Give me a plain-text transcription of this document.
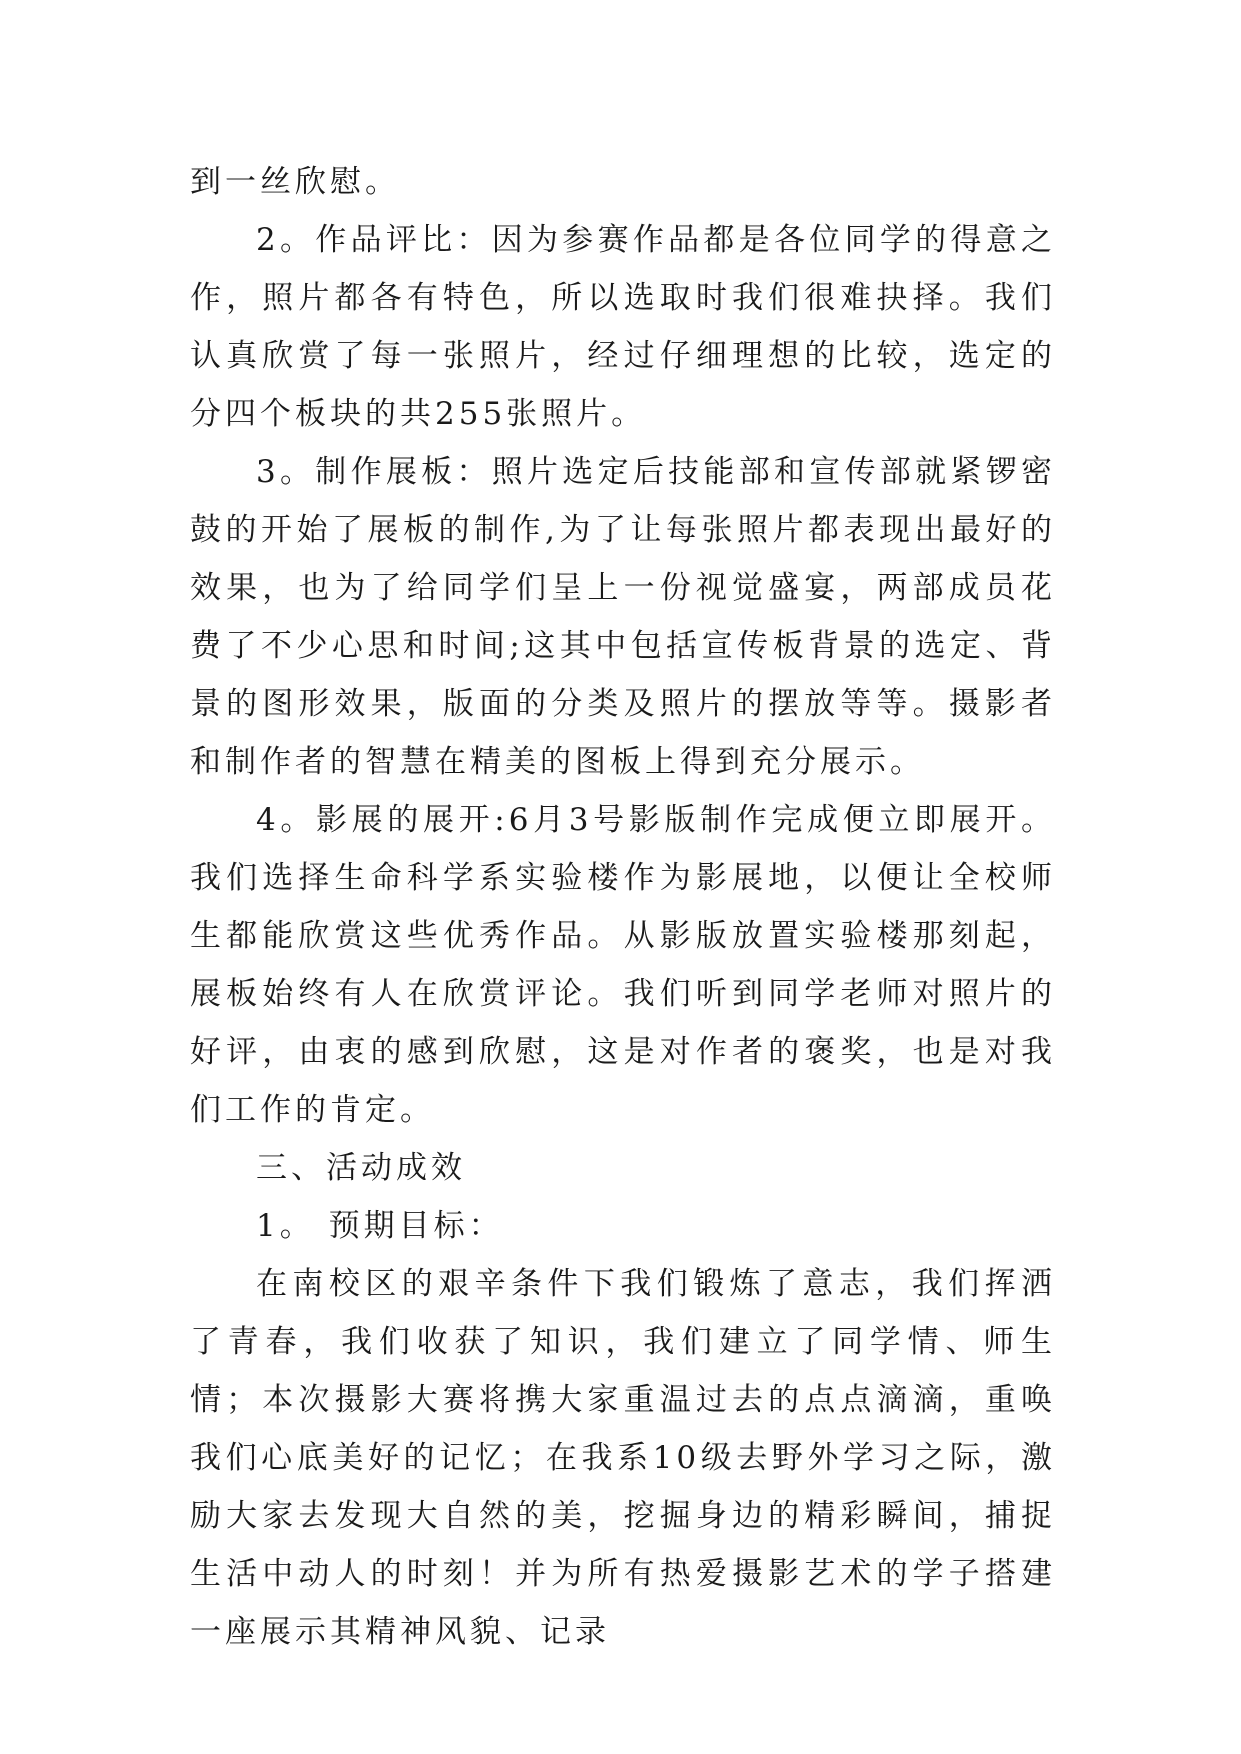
到一丝欣慰。

2。作品评比：因为参赛作品都是各位同学的得意之作，照片都各有特色，所以选取时我们很难抉择。我们认真欣赏了每一张照片，经过仔细理想的比较，选定的分四个板块的共255张照片。

3。制作展板：照片选定后技能部和宣传部就紧锣密鼓的开始了展板的制作,为了让每张照片都表现出最好的效果，也为了给同学们呈上一份视觉盛宴，两部成员花费了不少心思和时间;这其中包括宣传板背景的选定、背景的图形效果，版面的分类及照片的摆放等等。摄影者和制作者的智慧在精美的图板上得到充分展示。

4。影展的展开:6月3号影版制作完成便立即展开。我们选择生命科学系实验楼作为影展地，以便让全校师生都能欣赏这些优秀作品。从影版放置实验楼那刻起，展板始终有人在欣赏评论。我们听到同学老师对照片的好评，由衷的感到欣慰，这是对作者的褒奖，也是对我们工作的肯定。

三、活动成效

1。 预期目标：

在南校区的艰辛条件下我们锻炼了意志，我们挥洒了青春，我们收获了知识，我们建立了同学情、师生情；本次摄影大赛将携大家重温过去的点点滴滴，重唤我们心底美好的记忆；在我系10级去野外学习之际，激励大家去发现大自然的美，挖掘身边的精彩瞬间，捕捉生活中动人的时刻！并为所有热爱摄影艺术的学子搭建一座展示其精神风貌、记录
